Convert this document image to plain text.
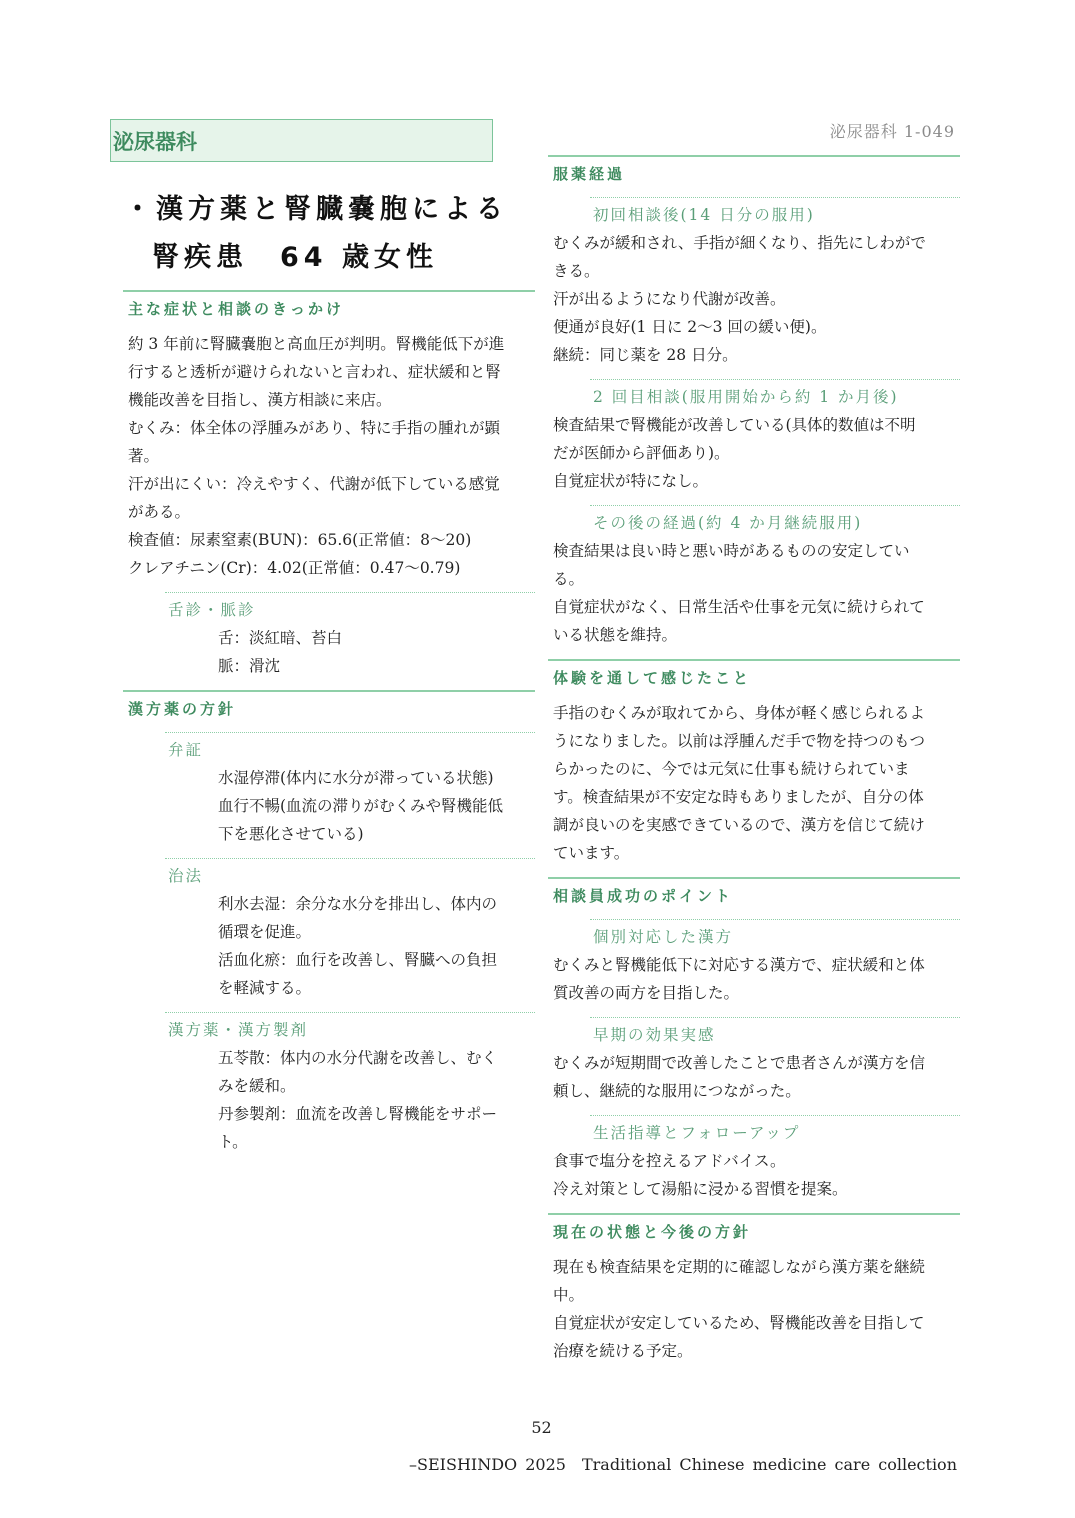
泌尿器科	泌尿器科 1-049
・漢方薬と腎臓嚢胞による
腎疾患　64 歳女性
主な症状と相談のきっかけ
約 3 年前に腎臓嚢胞と高血圧が判明。腎機能低下が進
行すると透析が避けられないと言われ、症状緩和と腎
機能改善を目指し、漢方相談に来店。
むくみ：体全体の浮腫みがあり、特に手指の腫れが顕
著。
汗が出にくい：冷えやすく、代謝が低下している感覚
がある。
検査値：尿素窒素(BUN)：65.6(正常値：8～20)
クレアチニン(Cr)：4.02(正常値：0.47～0.79)
舌診・脈診
舌：淡紅暗、苔白
脈：滑沈
漢方薬の方針
弁証
水湿停滞(体内に水分が滞っている状態)
血行不暢(血流の滞りがむくみや腎機能低
下を悪化させている)
治法
利水去湿：余分な水分を排出し、体内の
循環を促進。
活血化瘀：血行を改善し、腎臓への負担
を軽減する。
漢方薬・漢方製剤
五苓散：体内の水分代謝を改善し、むく
みを緩和。
丹参製剤：血流を改善し腎機能をサポー
ト。
服薬経過
初回相談後(14 日分の服用)
むくみが緩和され、手指が細くなり、指先にしわがで
きる。
汗が出るようになり代謝が改善。
便通が良好(1 日に 2～3 回の緩い便)。
継続：同じ薬を 28 日分。
2 回目相談(服用開始から約 1 か月後)
検査結果で腎機能が改善している(具体的数値は不明
だが医師から評価あり)。
自覚症状が特になし。
その後の経過(約 4 か月継続服用)
検査結果は良い時と悪い時があるものの安定してい
る。
自覚症状がなく、日常生活や仕事を元気に続けられて
いる状態を維持。
体験を通して感じたこと
手指のむくみが取れてから、身体が軽く感じられるよ
うになりました。以前は浮腫んだ手で物を持つのもつ
らかったのに、今では元気に仕事も続けられていま
す。検査結果が不安定な時もありましたが、自分の体
調が良いのを実感できているので、漢方を信じて続け
ています。
相談員成功のポイント
個別対応した漢方
むくみと腎機能低下に対応する漢方で、症状緩和と体
質改善の両方を目指した。
早期の効果実感
むくみが短期間で改善したことで患者さんが漢方を信
頼し、継続的な服用につながった。
生活指導とフォローアップ
食事で塩分を控えるアドバイス。
冷え対策として湯船に浸かる習慣を提案。
現在の状態と今後の方針
現在も検査結果を定期的に確認しながら漢方薬を継続
中。
自覚症状が安定しているため、腎機能改善を目指して
治療を続ける予定。
52
–SEISHINDO 2025　Traditional Chinese medicine care collection
